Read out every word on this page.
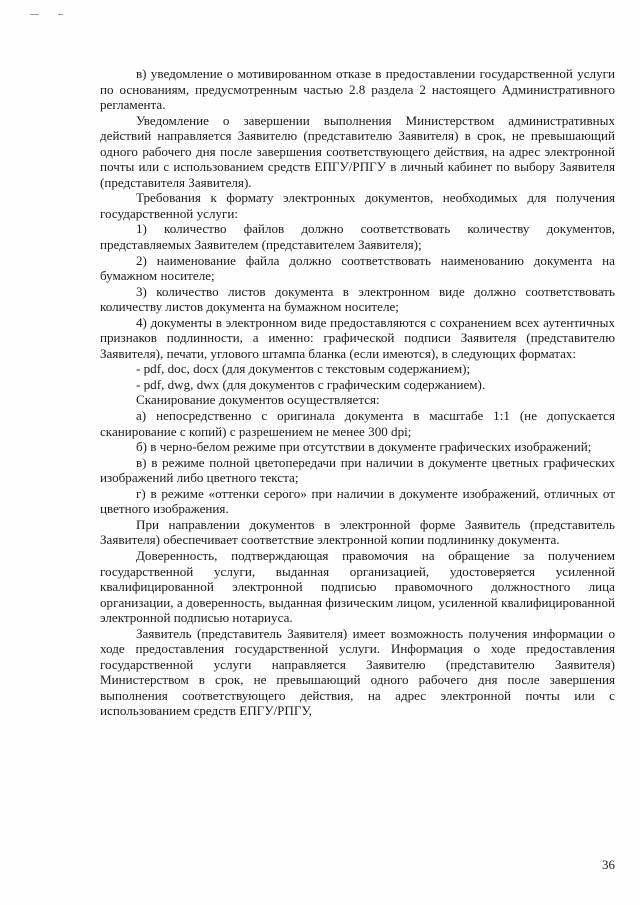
в) уведомление о мотивированном отказе в предоставлении государственной услуги по основаниям, предусмотренным частью 2.8 раздела 2 настоящего Административного регламента.

Уведомление о завершении выполнения Министерством административных действий направляется Заявителю (представителю Заявителя) в срок, не превышающий одного рабочего дня после завершения соответствующего действия, на адрес электронной почты или с использованием средств ЕПГУ/РПГУ в личный кабинет по выбору Заявителя (представителя Заявителя).

Требования к формату электронных документов, необходимых для получения государственной услуги:

1) количество файлов должно соответствовать количеству документов, представляемых Заявителем (представителем Заявителя);

2) наименование файла должно соответствовать наименованию документа на бумажном носителе;

3) количество листов документа в электронном виде должно соответствовать количеству листов документа на бумажном носителе;

4) документы в электронном виде предоставляются с сохранением всех аутентичных признаков подлинности, а именно: графической подписи Заявителя (представителю Заявителя), печати, углового штампа бланка (если имеются), в следующих форматах:

- pdf, doc, docx (для документов с текстовым содержанием);

- pdf, dwg, dwx (для документов с графическим содержанием).

Сканирование документов осуществляется:

а) непосредственно с оригинала документа в масштабе 1:1 (не допускается сканирование с копий) с разрешением не менее 300 dpi;

б) в черно-белом режиме при отсутствии в документе графических изображений;

в) в режиме полной цветопередачи при наличии в документе цветных графических изображений либо цветного текста;

г) в режиме «оттенки серого» при наличии в документе изображений, отличных от цветного изображения.

При направлении документов в электронной форме Заявитель (представитель Заявителя) обеспечивает соответствие электронной копии подлининку документа.

Доверенность, подтверждающая правомочия на обращение за получением государственной услуги, выданная организацией, удостоверяется усиленной квалифицированной электронной подписью правомочного должностного лица организации, а доверенность, выданная физическим лицом, усиленной квалифицированной электронной подписью нотариуса.

Заявитель (представитель Заявителя) имеет возможность получения информации о ходе предоставления государственной услуги. Информация о ходе предоставления государственной услуги направляется Заявителю (представителю Заявителя) Министерством в срок, не превышающий одного рабочего дня после завершения выполнения соответствующего действия, на адрес электронной почты или с использованием средств ЕПГУ/РПГУ,

36
